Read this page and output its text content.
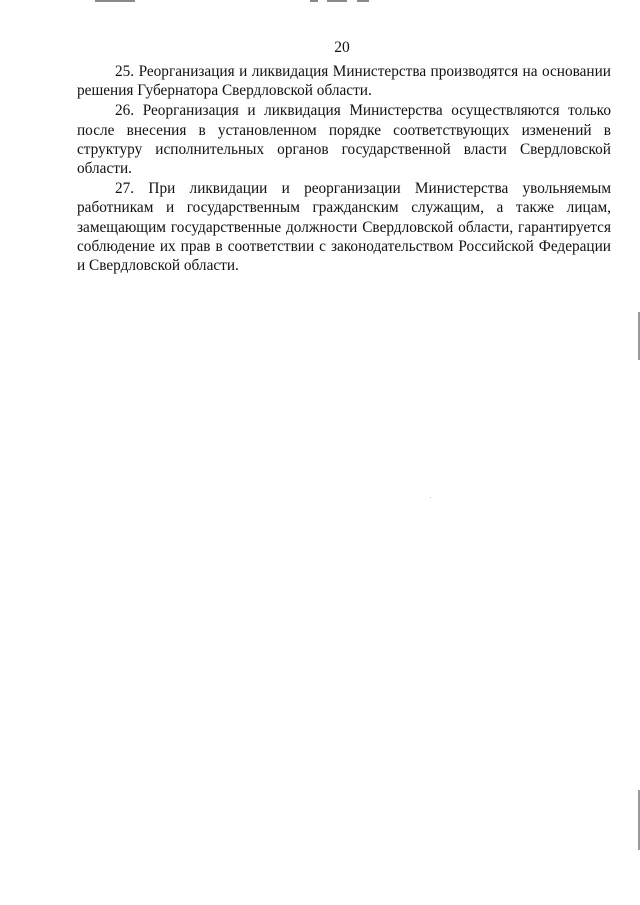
20

25. Реорганизация и ликвидация Министерства производятся на основании решения Губернатора Свердловской области.

26. Реорганизация и ликвидация Министерства осуществляются только после внесения в установленном порядке соответствующих изменений в структуру исполнительных органов государственной власти Свердловской области.

27. При ликвидации и реорганизации Министерства увольняемым работникам и государственным гражданским служащим, а также лицам, замещающим государственные должности Свердловской области, гарантируется соблюдение их прав в соответствии с законодательством Российской Федерации и Свердловской области.
